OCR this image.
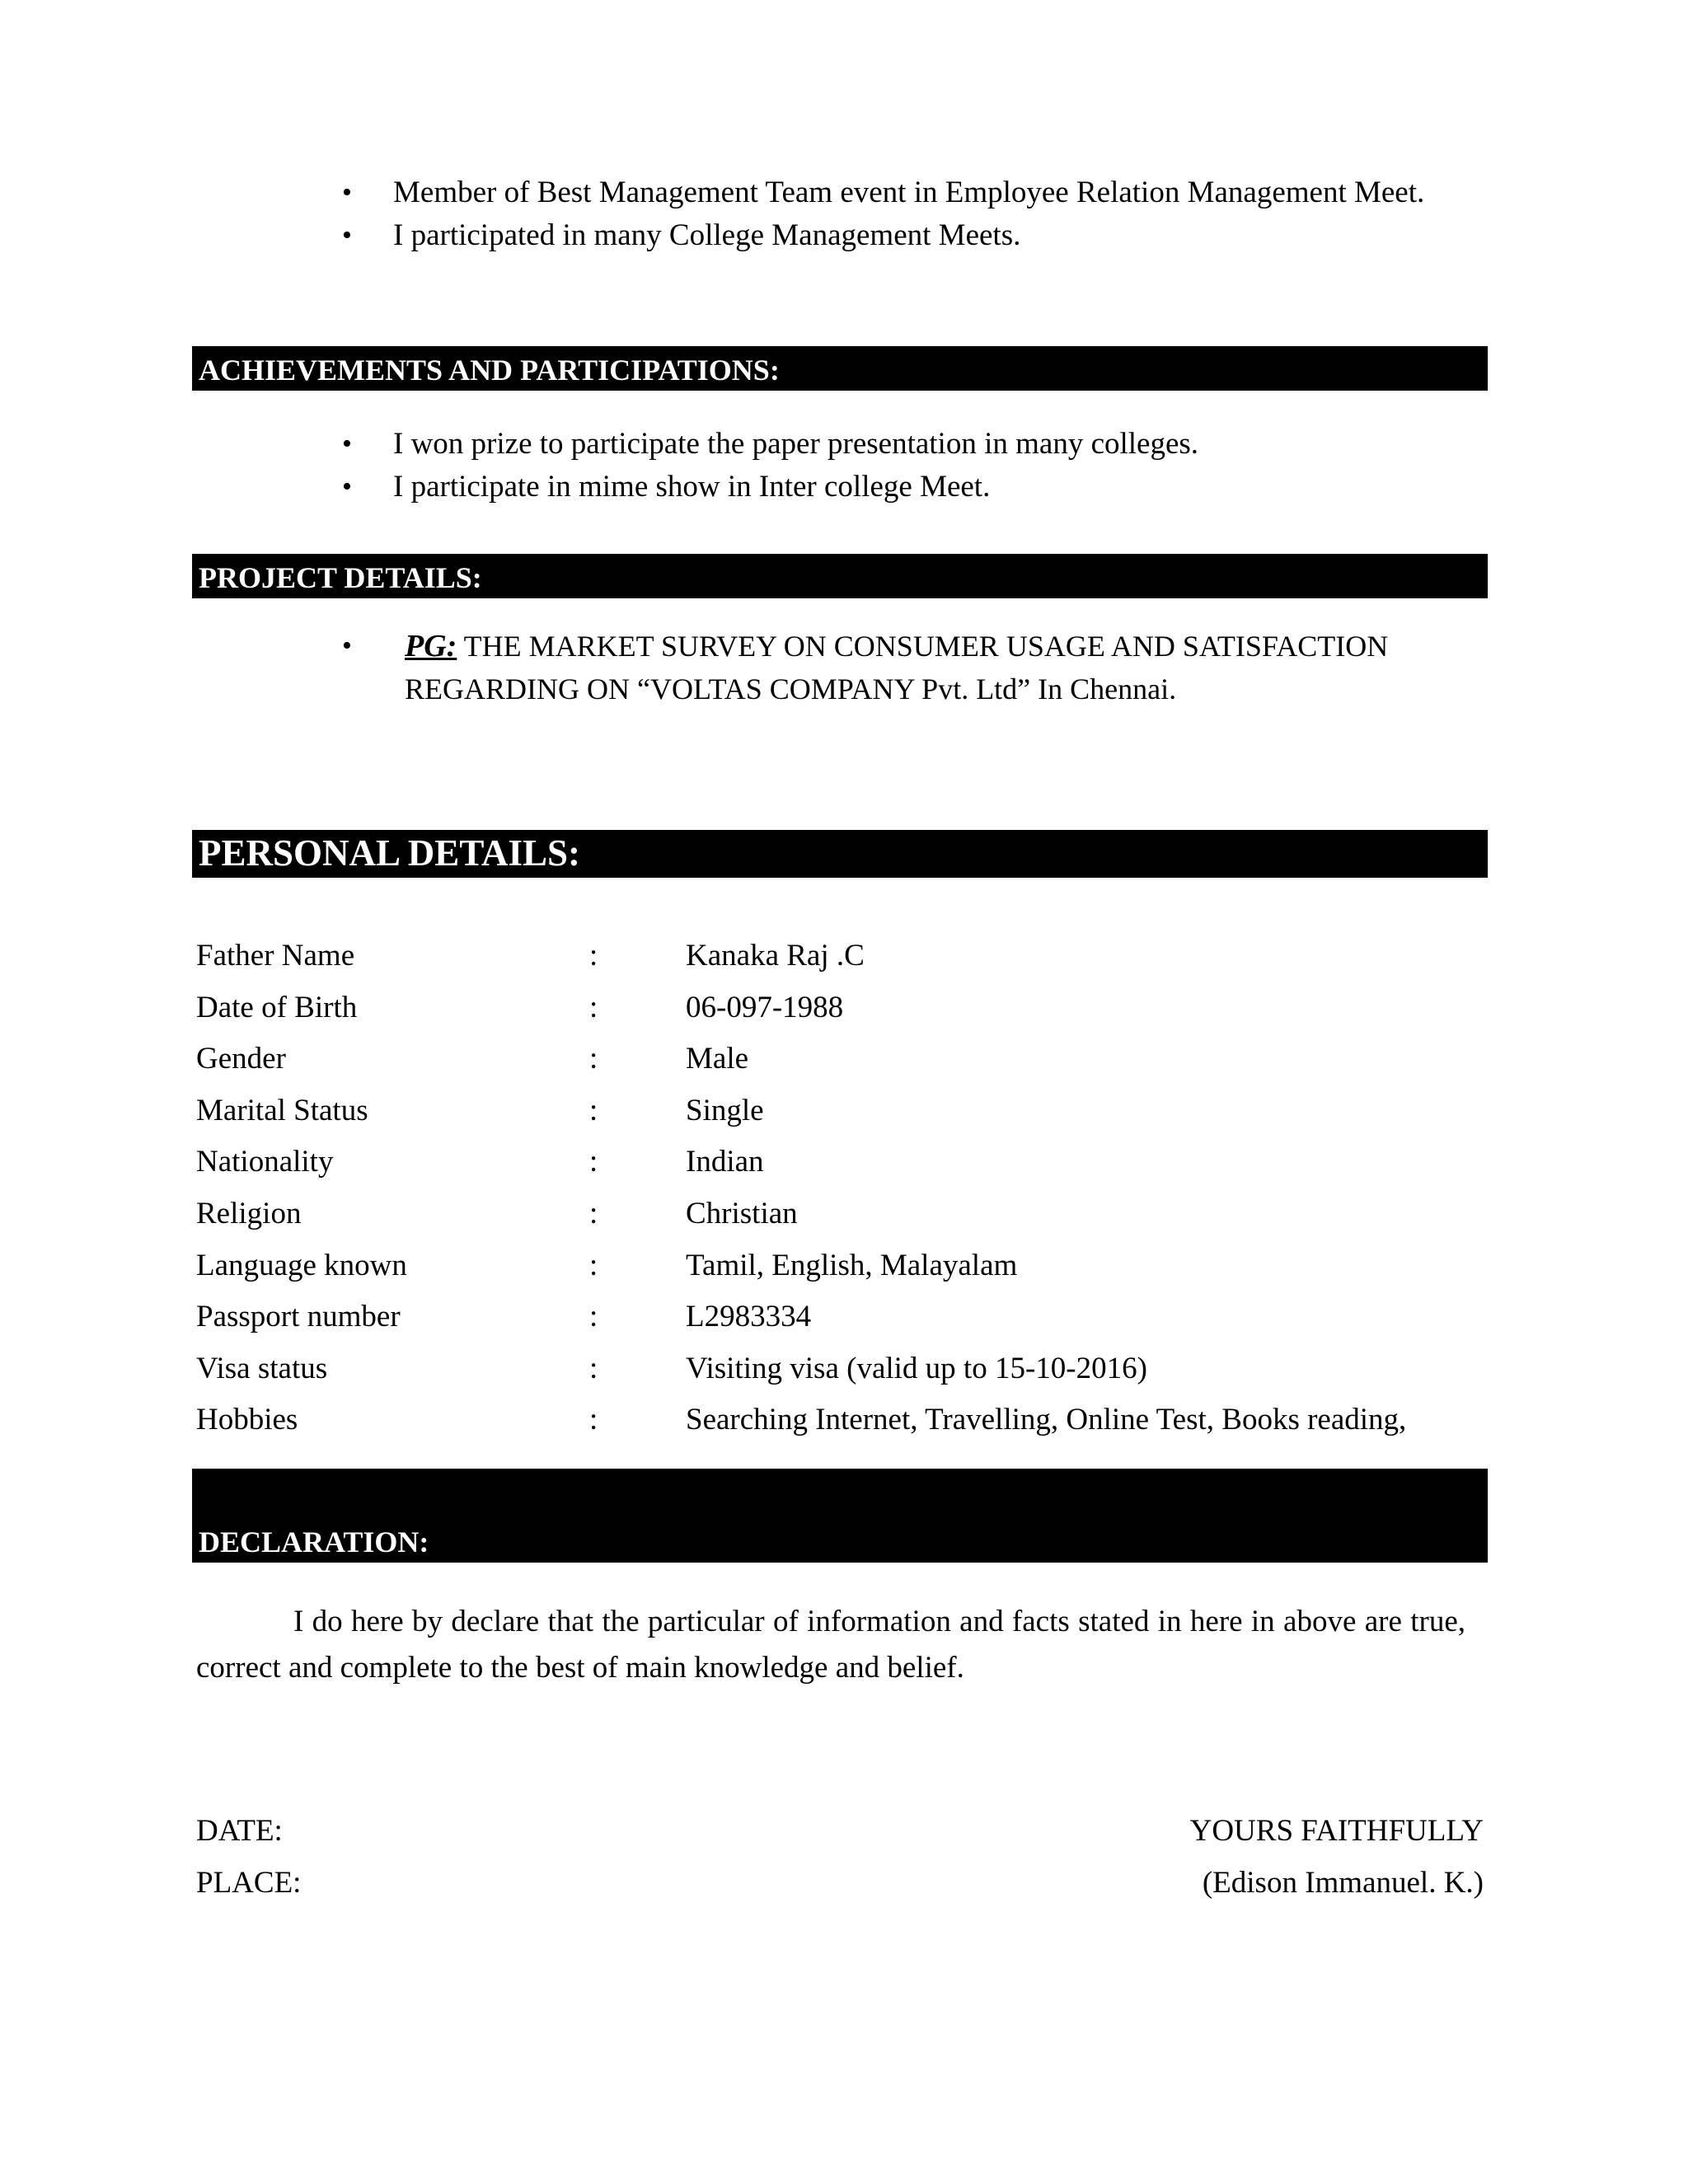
• Member of Best Management Team event in Employee Relation Management Meet.
• I participated in many College Management Meets.
ACHIEVEMENTS AND PARTICIPATIONS:
• I won prize to participate the paper presentation in many colleges.
• I participate in mime show in Inter college Meet.
PROJECT DETAILS:
• PG: THE MARKET SURVEY ON CONSUMER USAGE AND SATISFACTION REGARDING ON “VOLTAS COMPANY Pvt. Ltd” In Chennai.
PERSONAL DETAILS:
Father Name	:	Kanaka Raj .C
Date of Birth	:	06-097-1988
Gender	:	Male
Marital Status	:	Single
Nationality	:	Indian
Religion	:	Christian
Language known	:	Tamil, English, Malayalam
Passport number	:	L2983334
Visa status	:	Visiting visa (valid up to 15-10-2016)
Hobbies	:	Searching Internet, Travelling, Online Test, Books reading,
DECLARATION:

I do here by declare that the particular of information and facts stated in here in above are true, correct and complete to the best of main knowledge and belief.

DATE:
PLACE:
YOURS FAITHFULLY
(Edison Immanuel. K.)
